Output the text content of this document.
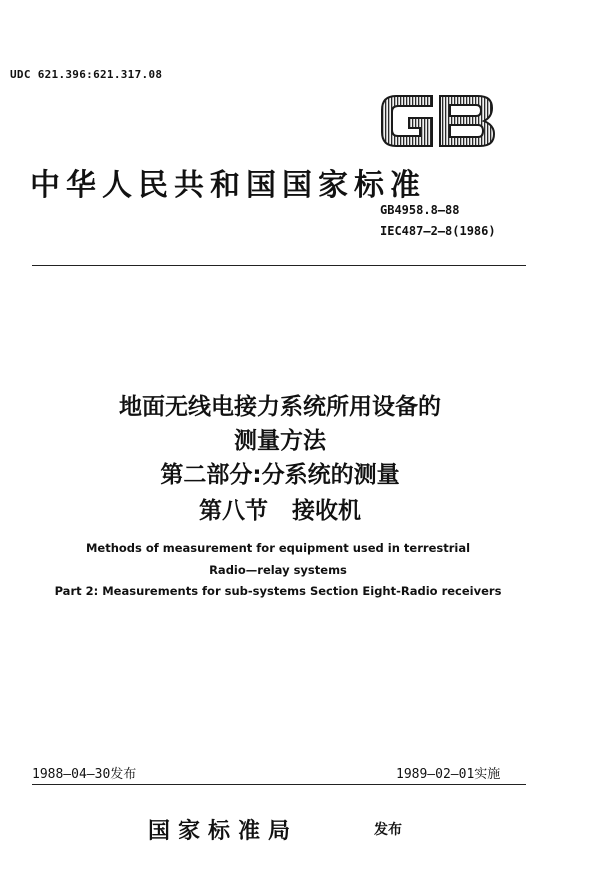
UDC 621.396:621.317.08
中华人民共和国国家标准
GB4958.8—88
IEC487—2—8(1986)
地面无线电接力系统所用设备的
测量方法
第二部分:分系统的测量
第八节 接收机
Methods of measurement for equipment used in terrestrial
Radio—relay systems
Part 2: Measurements for sub-systems Section Eight-Radio receivers
1988—04—30发布	1989—02—01实施
国家标准局	发布
